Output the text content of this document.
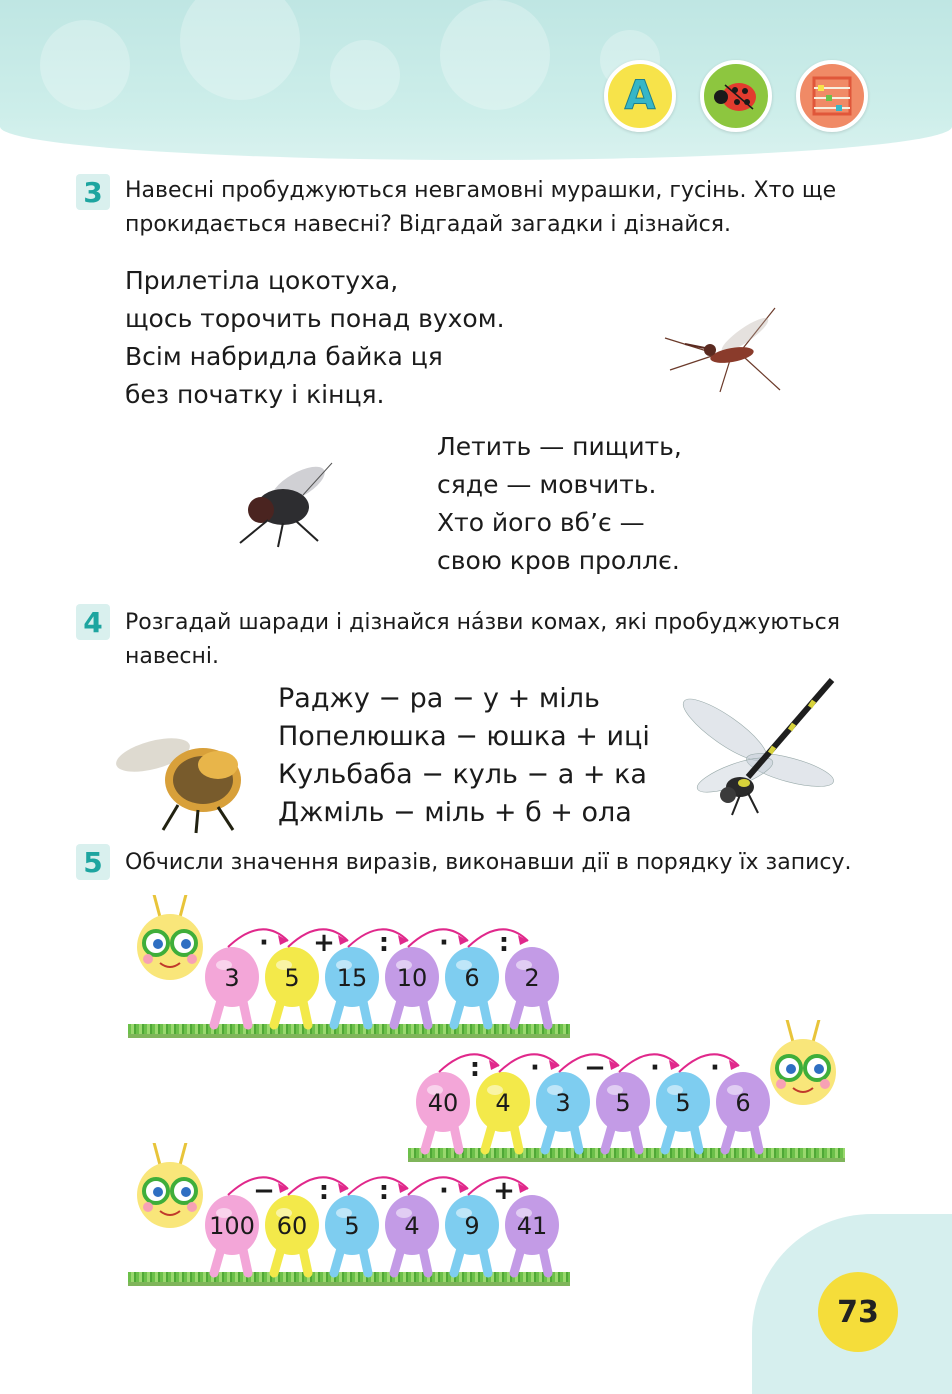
A
3 Навесні пробуджуються невгамовні мурашки, гусінь. Хто ще
прокидається навесні? Відгадай загадки і дізнайся.
Прилетіла цокотуха,
щось торочить понад вухом.
Всім набридла байка ця
без початку і кінця.
Летить — пищить,
сяде — мовчить.
Хто його вб’є —
свою кров проллє.
4 Розгадай шаради і дізнайся на́зви комах, які пробуджуються
навесні.
Раджу − ра − у + міль
Попелюшка − юшка + иці
Кульбаба − куль − а + ка
Джміль − міль + б + ола
5 Обчисли значення виразів, виконавши дії в порядку їх запису.
3
·
5
+
15
:
10
·
6
:
2
40
:
4
·
3
−
5
·
5
·
6
100
−
60
:
5
:
4
·
9
+
41
73
